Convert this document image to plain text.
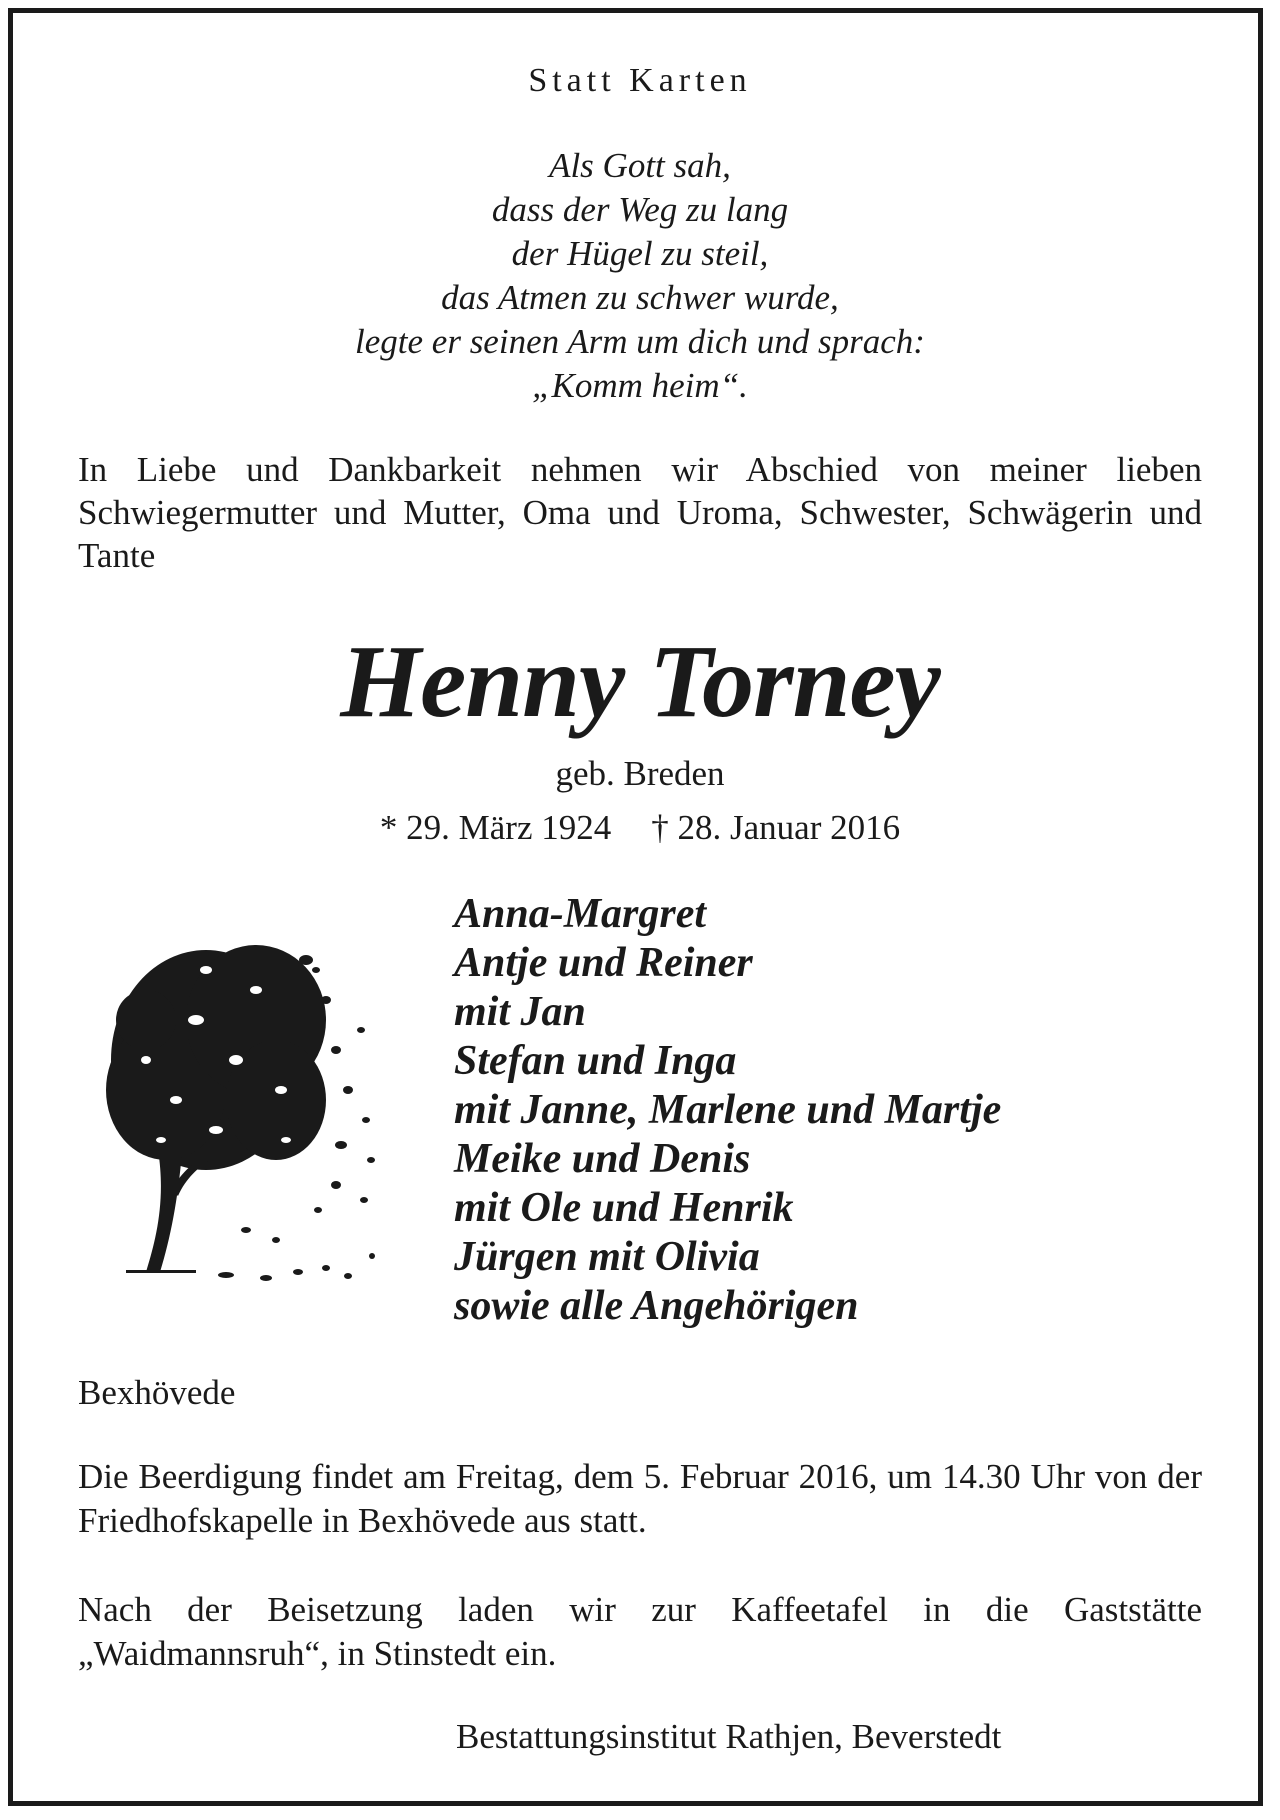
Statt Karten
Als Gott sah,
dass der Weg zu lang
der Hügel zu steil,
das Atmen zu schwer wurde,
legte er seinen Arm um dich und sprach:
„Komm heim“.
In Liebe und Dankbarkeit nehmen wir Abschied von meiner lieben Schwiegermutter und Mutter, Oma und Uroma, Schwester, Schwägerin und Tante
Henny Torney
geb. Breden
* 29. März 1924 † 28. Januar 2016
Anna-Margret
Antje und Reiner
mit Jan
Stefan und Inga
mit Janne, Marlene und Martje
Meike und Denis
mit Ole und Henrik
Jürgen mit Olivia
sowie alle Angehörigen
Bexhövede
Die Beerdigung findet am Freitag, dem 5. Februar 2016, um 14.30 Uhr von der Friedhofskapelle in Bexhövede aus statt.
Nach der Beisetzung laden wir zur Kaffeetafel in die Gaststätte „Waidmannsruh“, in Stinstedt ein.
Bestattungsinstitut Rathjen, Beverstedt
